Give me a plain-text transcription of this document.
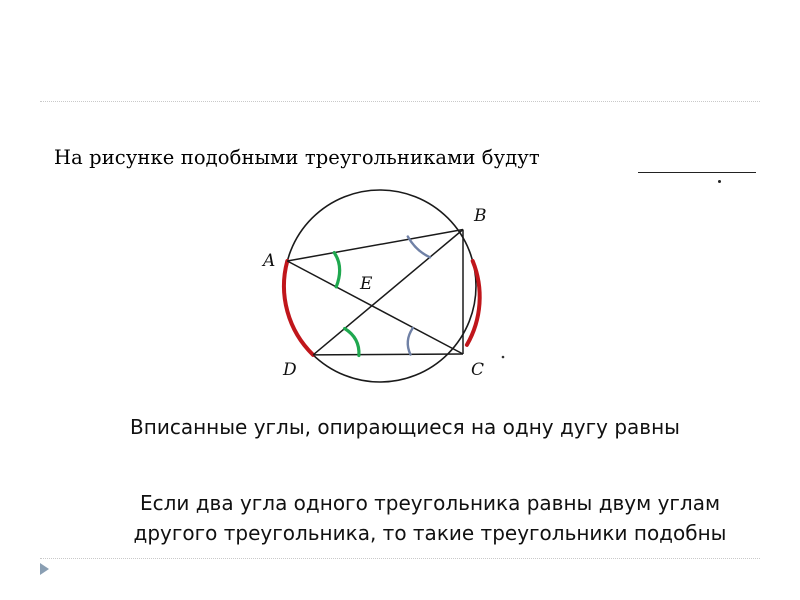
На рисунке подобными треугольниками будут
A
B
C
D
E
Вписанные углы, опирающиеся на одну дугу равны
Если два угла одного треугольника равны двум углам другого треугольника, то такие треугольники подобны
